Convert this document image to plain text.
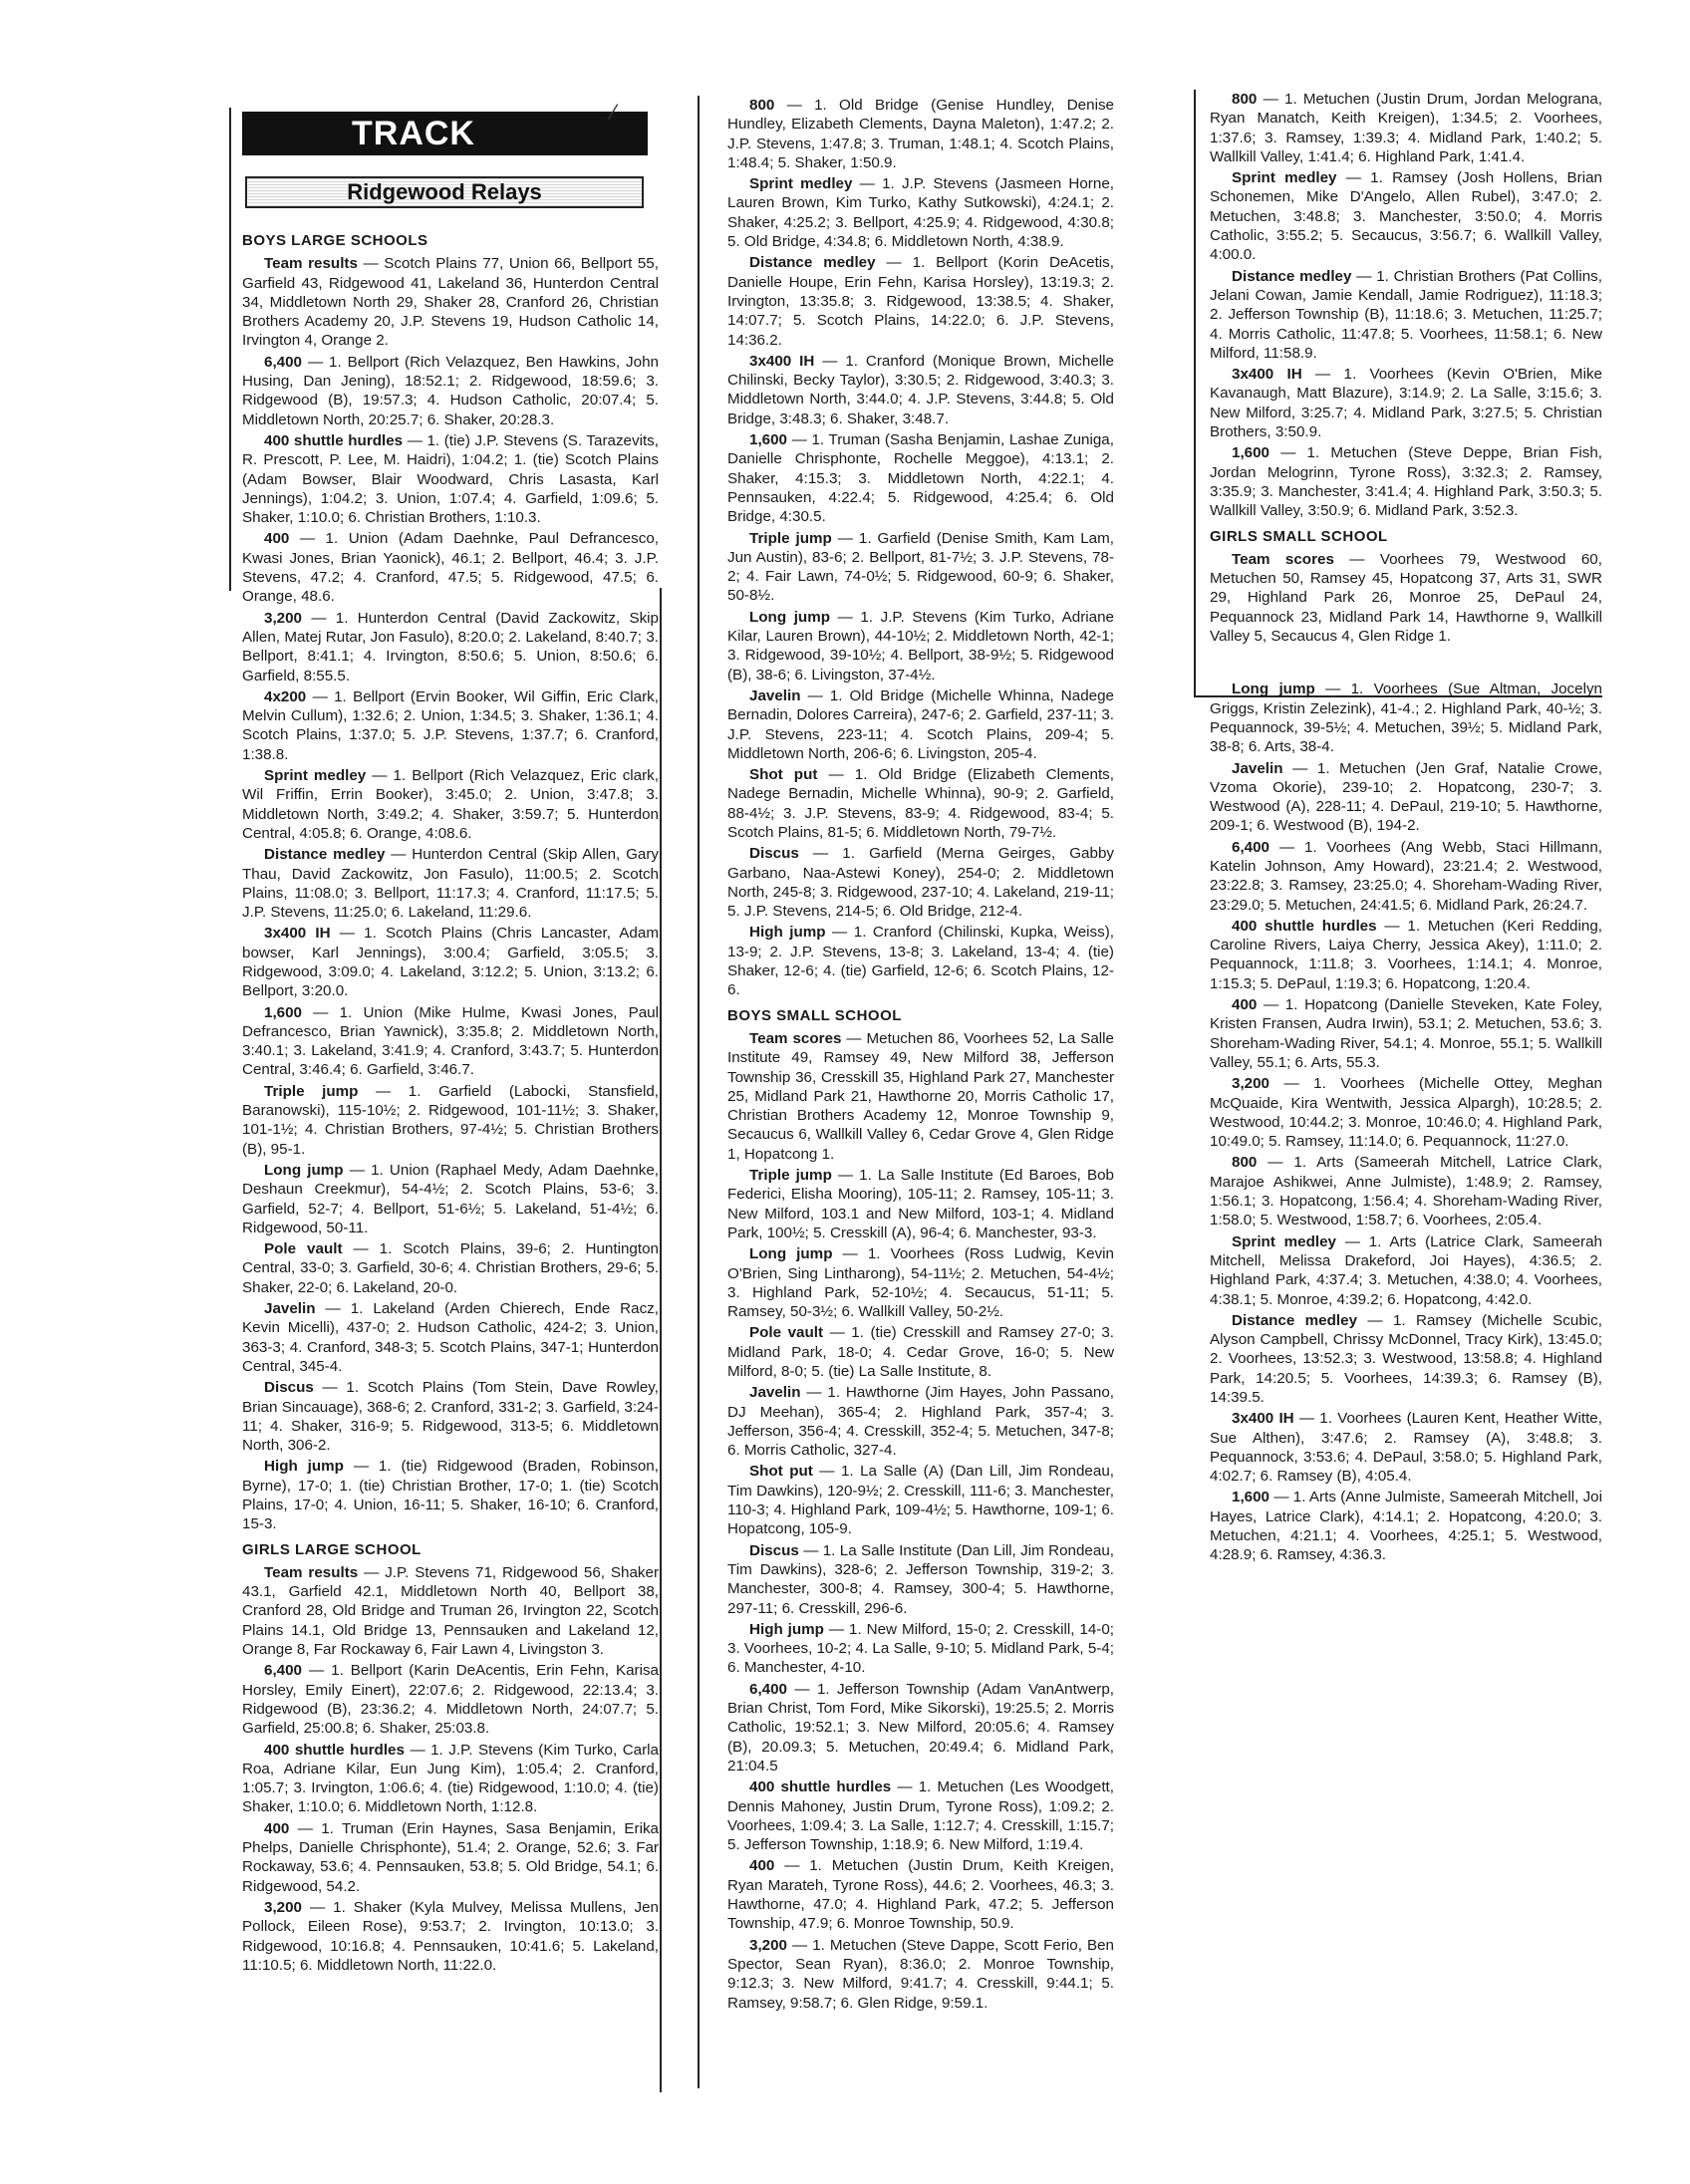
TRACK
⁄
Ridgewood Relays
BOYS LARGE SCHOOLS

Team results — Scotch Plains 77, Union 66, Bellport 55, Garfield 43, Ridgewood 41, Lakeland 36, Hunterdon Central 34, Middletown North 29, Shaker 28, Cranford 26, Christian Brothers Academy 20, J.P. Stevens 19, Hudson Catholic 14, Irvington 4, Orange 2.

6,400 — 1. Bellport (Rich Velazquez, Ben Hawkins, John Husing, Dan Jening), 18:52.1; 2. Ridgewood, 18:59.6; 3. Ridgewood (B), 19:57.3; 4. Hudson Catholic, 20:07.4; 5. Middletown North, 20:25.7; 6. Shaker, 20:28.3.

400 shuttle hurdles — 1. (tie) J.P. Stevens (S. Tarazevits, R. Prescott, P. Lee, M. Haidri), 1:04.2; 1. (tie) Scotch Plains (Adam Bowser, Blair Woodward, Chris Lasasta, Karl Jennings), 1:04.2; 3. Union, 1:07.4; 4. Garfield, 1:09.6; 5. Shaker, 1:10.0; 6. Christian Brothers, 1:10.3.

400 — 1. Union (Adam Daehnke, Paul Defrancesco, Kwasi Jones, Brian Yaonick), 46.1; 2. Bellport, 46.4; 3. J.P. Stevens, 47.2; 4. Cranford, 47.5; 5. Ridgewood, 47.5; 6. Orange, 48.6.

3,200 — 1. Hunterdon Central (David Zackowitz, Skip Allen, Matej Rutar, Jon Fasulo), 8:20.0; 2. Lakeland, 8:40.7; 3. Bellport, 8:41.1; 4. Irvington, 8:50.6; 5. Union, 8:50.6; 6. Garfield, 8:55.5.

4x200 — 1. Bellport (Ervin Booker, Wil Giffin, Eric Clark, Melvin Cullum), 1:32.6; 2. Union, 1:34.5; 3. Shaker, 1:36.1; 4. Scotch Plains, 1:37.0; 5. J.P. Stevens, 1:37.7; 6. Cranford, 1:38.8.

Sprint medley — 1. Bellport (Rich Velazquez, Eric clark, Wil Friffin, Errin Booker), 3:45.0; 2. Union, 3:47.8; 3. Middletown North, 3:49.2; 4. Shaker, 3:59.7; 5. Hunterdon Central, 4:05.8; 6. Orange, 4:08.6.

Distance medley — Hunterdon Central (Skip Allen, Gary Thau, David Zackowitz, Jon Fasulo), 11:00.5; 2. Scotch Plains, 11:08.0; 3. Bellport, 11:17.3; 4. Cranford, 11:17.5; 5. J.P. Stevens, 11:25.0; 6. Lakeland, 11:29.6.

3x400 IH — 1. Scotch Plains (Chris Lancaster, Adam bowser, Karl Jennings), 3:00.4; Garfield, 3:05.5; 3. Ridgewood, 3:09.0; 4. Lakeland, 3:12.2; 5. Union, 3:13.2; 6. Bellport, 3:20.0.

1,600 — 1. Union (Mike Hulme, Kwasi Jones, Paul Defrancesco, Brian Yawnick), 3:35.8; 2. Middletown North, 3:40.1; 3. Lakeland, 3:41.9; 4. Cranford, 3:43.7; 5. Hunterdon Central, 3:46.4; 6. Garfield, 3:46.7.

Triple jump — 1. Garfield (Labocki, Stansfield, Baranowski), 115-10½; 2. Ridgewood, 101-11½; 3. Shaker, 101-1½; 4. Christian Brothers, 97-4½; 5. Christian Brothers (B), 95-1.

Long jump — 1. Union (Raphael Medy, Adam Daehnke, Deshaun Creekmur), 54-4½; 2. Scotch Plains, 53-6; 3. Garfield, 52-7; 4. Bellport, 51-6½; 5. Lakeland, 51-4½; 6. Ridgewood, 50-11.

Pole vault — 1. Scotch Plains, 39-6; 2. Huntington Central, 33-0; 3. Garfield, 30-6; 4. Christian Brothers, 29-6; 5. Shaker, 22-0; 6. Lakeland, 20-0.

Javelin — 1. Lakeland (Arden Chierech, Ende Racz, Kevin Micelli), 437-0; 2. Hudson Catholic, 424-2; 3. Union, 363-3; 4. Cranford, 348-3; 5. Scotch Plains, 347-1; Hunterdon Central, 345-4.

Discus — 1. Scotch Plains (Tom Stein, Dave Rowley, Brian Sincauage), 368-6; 2. Cranford, 331-2; 3. Garfield, 3:24-11; 4. Shaker, 316-9; 5. Ridgewood, 313-5; 6. Middletown North, 306-2.

High jump — 1. (tie) Ridgewood (Braden, Robinson, Byrne), 17-0; 1. (tie) Christian Brother, 17-0; 1. (tie) Scotch Plains, 17-0; 4. Union, 16-11; 5. Shaker, 16-10; 6. Cranford, 15-3.

GIRLS LARGE SCHOOL

Team results — J.P. Stevens 71, Ridgewood 56, Shaker 43.1, Garfield 42.1, Middletown North 40, Bellport 38, Cranford 28, Old Bridge and Truman 26, Irvington 22, Scotch Plains 14.1, Old Bridge 13, Pennsauken and Lakeland 12, Orange 8, Far Rockaway 6, Fair Lawn 4, Livingston 3.

6,400 — 1. Bellport (Karin DeAcentis, Erin Fehn, Karisa Horsley, Emily Einert), 22:07.6; 2. Ridgewood, 22:13.4; 3. Ridgewood (B), 23:36.2; 4. Middletown North, 24:07.7; 5. Garfield, 25:00.8; 6. Shaker, 25:03.8.

400 shuttle hurdles — 1. J.P. Stevens (Kim Turko, Carla Roa, Adriane Kilar, Eun Jung Kim), 1:05.4; 2. Cranford, 1:05.7; 3. Irvington, 1:06.6; 4. (tie) Ridgewood, 1:10.0; 4. (tie) Shaker, 1:10.0; 6. Middletown North, 1:12.8.

400 — 1. Truman (Erin Haynes, Sasa Benjamin, Erika Phelps, Danielle Chrisphonte), 51.4; 2. Orange, 52.6; 3. Far Rockaway, 53.6; 4. Pennsauken, 53.8; 5. Old Bridge, 54.1; 6. Ridgewood, 54.2.

3,200 — 1. Shaker (Kyla Mulvey, Melissa Mullens, Jen Pollock, Eileen Rose), 9:53.7; 2. Irvington, 10:13.0; 3. Ridgewood, 10:16.8; 4. Pennsauken, 10:41.6; 5. Lakeland, 11:10.5; 6. Middletown North, 11:22.0.

800 — 1. Old Bridge (Genise Hundley, Denise Hundley, Elizabeth Clements, Dayna Maleton), 1:47.2; 2. J.P. Stevens, 1:47.8; 3. Truman, 1:48.1; 4. Scotch Plains, 1:48.4; 5. Shaker, 1:50.9.

Sprint medley — 1. J.P. Stevens (Jasmeen Horne, Lauren Brown, Kim Turko, Kathy Sutkowski), 4:24.1; 2. Shaker, 4:25.2; 3. Bellport, 4:25.9; 4. Ridgewood, 4:30.8; 5. Old Bridge, 4:34.8; 6. Middletown North, 4:38.9.

Distance medley — 1. Bellport (Korin DeAcetis, Danielle Houpe, Erin Fehn, Karisa Horsley), 13:19.3; 2. Irvington, 13:35.8; 3. Ridgewood, 13:38.5; 4. Shaker, 14:07.7; 5. Scotch Plains, 14:22.0; 6. J.P. Stevens, 14:36.2.

3x400 IH — 1. Cranford (Monique Brown, Michelle Chilinski, Becky Taylor), 3:30.5; 2. Ridgewood, 3:40.3; 3. Middletown North, 3:44.0; 4. J.P. Stevens, 3:44.8; 5. Old Bridge, 3:48.3; 6. Shaker, 3:48.7.

1,600 — 1. Truman (Sasha Benjamin, Lashae Zuniga, Danielle Chrisphonte, Rochelle Meggoe), 4:13.1; 2. Shaker, 4:15.3; 3. Middletown North, 4:22.1; 4. Pennsauken, 4:22.4; 5. Ridgewood, 4:25.4; 6. Old Bridge, 4:30.5.

Triple jump — 1. Garfield (Denise Smith, Kam Lam, Jun Austin), 83-6; 2. Bellport, 81-7½; 3. J.P. Stevens, 78-2; 4. Fair Lawn, 74-0½; 5. Ridgewood, 60-9; 6. Shaker, 50-8½.

Long jump — 1. J.P. Stevens (Kim Turko, Adriane Kilar, Lauren Brown), 44-10½; 2. Middletown North, 42-1; 3. Ridgewood, 39-10½; 4. Bellport, 38-9½; 5. Ridgewood (B), 38-6; 6. Livingston, 37-4½.

Javelin — 1. Old Bridge (Michelle Whinna, Nadege Bernadin, Dolores Carreira), 247-6; 2. Garfield, 237-11; 3. J.P. Stevens, 223-11; 4. Scotch Plains, 209-4; 5. Middletown North, 206-6; 6. Livingston, 205-4.

Shot put — 1. Old Bridge (Elizabeth Clements, Nadege Bernadin, Michelle Whinna), 90-9; 2. Garfield, 88-4½; 3. J.P. Stevens, 83-9; 4. Ridgewood, 83-4; 5. Scotch Plains, 81-5; 6. Middletown North, 79-7½.

Discus — 1. Garfield (Merna Geirges, Gabby Garbano, Naa-Astewi Koney), 254-0; 2. Middletown North, 245-8; 3. Ridgewood, 237-10; 4. Lakeland, 219-11; 5. J.P. Stevens, 214-5; 6. Old Bridge, 212-4.

High jump — 1. Cranford (Chilinski, Kupka, Weiss), 13-9; 2. J.P. Stevens, 13-8; 3. Lakeland, 13-4; 4. (tie) Shaker, 12-6; 4. (tie) Garfield, 12-6; 6. Scotch Plains, 12-6.

BOYS SMALL SCHOOL

Team scores — Metuchen 86, Voorhees 52, La Salle Institute 49, Ramsey 49, New Milford 38, Jefferson Township 36, Cresskill 35, Highland Park 27, Manchester 25, Midland Park 21, Hawthorne 20, Morris Catholic 17, Christian Brothers Academy 12, Monroe Township 9, Secaucus 6, Wallkill Valley 6, Cedar Grove 4, Glen Ridge 1, Hopatcong 1.

Triple jump — 1. La Salle Institute (Ed Baroes, Bob Federici, Elisha Mooring), 105-11; 2. Ramsey, 105-11; 3. New Milford, 103.1 and New Milford, 103-1; 4. Midland Park, 100½; 5. Cresskill (A), 96-4; 6. Manchester, 93-3.

Long jump — 1. Voorhees (Ross Ludwig, Kevin O'Brien, Sing Lintharong), 54-11½; 2. Metuchen, 54-4½; 3. Highland Park, 52-10½; 4. Secaucus, 51-11; 5. Ramsey, 50-3½; 6. Wallkill Valley, 50-2½.

Pole vault — 1. (tie) Cresskill and Ramsey 27-0; 3. Midland Park, 18-0; 4. Cedar Grove, 16-0; 5. New Milford, 8-0; 5. (tie) La Salle Institute, 8.

Javelin — 1. Hawthorne (Jim Hayes, John Passano, DJ Meehan), 365-4; 2. Highland Park, 357-4; 3. Jefferson, 356-4; 4. Cresskill, 352-4; 5. Metuchen, 347-8; 6. Morris Catholic, 327-4.

Shot put — 1. La Salle (A) (Dan Lill, Jim Rondeau, Tim Dawkins), 120-9½; 2. Cresskill, 111-6; 3. Manchester, 110-3; 4. Highland Park, 109-4½; 5. Hawthorne, 109-1; 6. Hopatcong, 105-9.

Discus — 1. La Salle Institute (Dan Lill, Jim Rondeau, Tim Dawkins), 328-6; 2. Jefferson Township, 319-2; 3. Manchester, 300-8; 4. Ramsey, 300-4; 5. Hawthorne, 297-11; 6. Cresskill, 296-6.

High jump — 1. New Milford, 15-0; 2. Cresskill, 14-0; 3. Voorhees, 10-2; 4. La Salle, 9-10; 5. Midland Park, 5-4; 6. Manchester, 4-10.

6,400 — 1. Jefferson Township (Adam VanAntwerp, Brian Christ, Tom Ford, Mike Sikorski), 19:25.5; 2. Morris Catholic, 19:52.1; 3. New Milford, 20:05.6; 4. Ramsey (B), 20.09.3; 5. Metuchen, 20:49.4; 6. Midland Park, 21:04.5

400 shuttle hurdles — 1. Metuchen (Les Woodgett, Dennis Mahoney, Justin Drum, Tyrone Ross), 1:09.2; 2. Voorhees, 1:09.4; 3. La Salle, 1:12.7; 4. Cresskill, 1:15.7; 5. Jefferson Township, 1:18.9; 6. New Milford, 1:19.4.

400 — 1. Metuchen (Justin Drum, Keith Kreigen, Ryan Marateh, Tyrone Ross), 44.6; 2. Voorhees, 46.3; 3. Hawthorne, 47.0; 4. Highland Park, 47.2; 5. Jefferson Township, 47.9; 6. Monroe Township, 50.9.

3,200 — 1. Metuchen (Steve Dappe, Scott Ferio, Ben Spector, Sean Ryan), 8:36.0; 2. Monroe Township, 9:12.3; 3. New Milford, 9:41.7; 4. Cresskill, 9:44.1; 5. Ramsey, 9:58.7; 6. Glen Ridge, 9:59.1.

800 — 1. Metuchen (Justin Drum, Jordan Melograna, Ryan Manatch, Keith Kreigen), 1:34.5; 2. Voorhees, 1:37.6; 3. Ramsey, 1:39.3; 4. Midland Park, 1:40.2; 5. Wallkill Valley, 1:41.4; 6. Highland Park, 1:41.4.

Sprint medley — 1. Ramsey (Josh Hollens, Brian Schonemen, Mike D'Angelo, Allen Rubel), 3:47.0; 2. Metuchen, 3:48.8; 3. Manchester, 3:50.0; 4. Morris Catholic, 3:55.2; 5. Secaucus, 3:56.7; 6. Wallkill Valley, 4:00.0.

Distance medley — 1. Christian Brothers (Pat Collins, Jelani Cowan, Jamie Kendall, Jamie Rodriguez), 11:18.3; 2. Jefferson Township (B), 11:18.6; 3. Metuchen, 11:25.7; 4. Morris Catholic, 11:47.8; 5. Voorhees, 11:58.1; 6. New Milford, 11:58.9.

3x400 IH — 1. Voorhees (Kevin O'Brien, Mike Kavanaugh, Matt Blazure), 3:14.9; 2. La Salle, 3:15.6; 3. New Milford, 3:25.7; 4. Midland Park, 3:27.5; 5. Christian Brothers, 3:50.9.

1,600 — 1. Metuchen (Steve Deppe, Brian Fish, Jordan Melogrinn, Tyrone Ross), 3:32.3; 2. Ramsey, 3:35.9; 3. Manchester, 3:41.4; 4. Highland Park, 3:50.3; 5. Wallkill Valley, 3:50.9; 6. Midland Park, 3:52.3.

GIRLS SMALL SCHOOL

Team scores — Voorhees 79, Westwood 60, Metuchen 50, Ramsey 45, Hopatcong 37, Arts 31, SWR 29, Highland Park 26, Monroe 25, DePaul 24, Pequannock 23, Midland Park 14, Hawthorne 9, Wallkill Valley 5, Secaucus 4, Glen Ridge 1.

Long jump — 1. Voorhees (Sue Altman, Jocelyn Griggs, Kristin Zelezink), 41-4.; 2. Highland Park, 40-½; 3. Pequannock, 39-5½; 4. Metuchen, 39½; 5. Midland Park, 38-8; 6. Arts, 38-4.

Javelin — 1. Metuchen (Jen Graf, Natalie Crowe, Vzoma Okorie), 239-10; 2. Hopatcong, 230-7; 3. Westwood (A), 228-11; 4. DePaul, 219-10; 5. Hawthorne, 209-1; 6. Westwood (B), 194-2.

6,400 — 1. Voorhees (Ang Webb, Staci Hillmann, Katelin Johnson, Amy Howard), 23:21.4; 2. Westwood, 23:22.8; 3. Ramsey, 23:25.0; 4. Shoreham-Wading River, 23:29.0; 5. Metuchen, 24:41.5; 6. Midland Park, 26:24.7.

400 shuttle hurdles — 1. Metuchen (Keri Redding, Caroline Rivers, Laiya Cherry, Jessica Akey), 1:11.0; 2. Pequannock, 1:11.8; 3. Voorhees, 1:14.1; 4. Monroe, 1:15.3; 5. DePaul, 1:19.3; 6. Hopatcong, 1:20.4.

400 — 1. Hopatcong (Danielle Steveken, Kate Foley, Kristen Fransen, Audra Irwin), 53.1; 2. Metuchen, 53.6; 3. Shoreham-Wading River, 54.1; 4. Monroe, 55.1; 5. Wallkill Valley, 55.1; 6. Arts, 55.3.

3,200 — 1. Voorhees (Michelle Ottey, Meghan McQuaide, Kira Wentwith, Jessica Alpargh), 10:28.5; 2. Westwood, 10:44.2; 3. Monroe, 10:46.0; 4. Highland Park, 10:49.0; 5. Ramsey, 11:14.0; 6. Pequannock, 11:27.0.

800 — 1. Arts (Sameerah Mitchell, Latrice Clark, Marajoe Ashikwei, Anne Julmiste), 1:48.9; 2. Ramsey, 1:56.1; 3. Hopatcong, 1:56.4; 4. Shoreham-Wading River, 1:58.0; 5. Westwood, 1:58.7; 6. Voorhees, 2:05.4.

Sprint medley — 1. Arts (Latrice Clark, Sameerah Mitchell, Melissa Drakeford, Joi Hayes), 4:36.5; 2. Highland Park, 4:37.4; 3. Metuchen, 4:38.0; 4. Voorhees, 4:38.1; 5. Monroe, 4:39.2; 6. Hopatcong, 4:42.0.

Distance medley — 1. Ramsey (Michelle Scubic, Alyson Campbell, Chrissy McDonnel, Tracy Kirk), 13:45.0; 2. Voorhees, 13:52.3; 3. Westwood, 13:58.8; 4. Highland Park, 14:20.5; 5. Voorhees, 14:39.3; 6. Ramsey (B), 14:39.5.

3x400 IH — 1. Voorhees (Lauren Kent, Heather Witte, Sue Althen), 3:47.6; 2. Ramsey (A), 3:48.8; 3. Pequannock, 3:53.6; 4. DePaul, 3:58.0; 5. Highland Park, 4:02.7; 6. Ramsey (B), 4:05.4.

1,600 — 1. Arts (Anne Julmiste, Sameerah Mitchell, Joi Hayes, Latrice Clark), 4:14.1; 2. Hopatcong, 4:20.0; 3. Metuchen, 4:21.1; 4. Voorhees, 4:25.1; 5. Westwood, 4:28.9; 6. Ramsey, 4:36.3.
